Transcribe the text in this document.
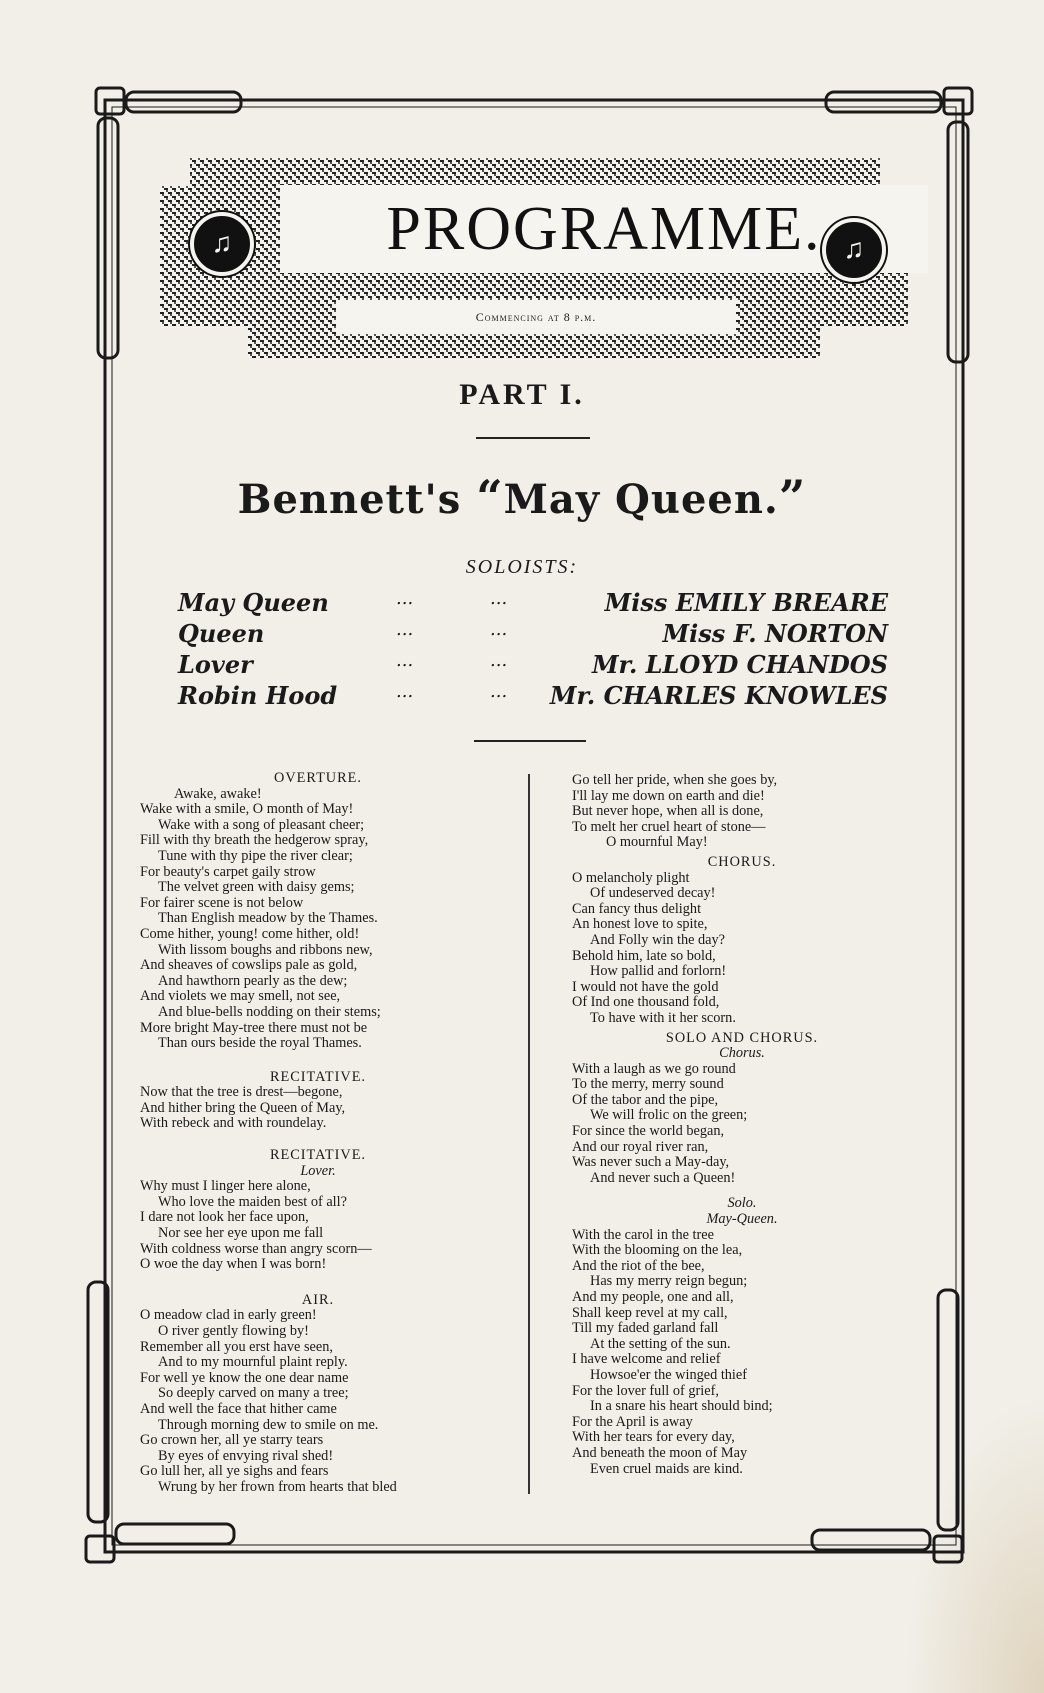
PROGRAMME.
Commencing at 8 p.m.
♫	♫
PART I.
Bennett's “May Queen.”
SOLOISTS:
May Queen	...	...	Miss EMILY BREARE
Queen	...	...	Miss F. NORTON
Lover	...	...	Mr. LLOYD CHANDOS
Robin Hood	...	... Mr. CHARLES KNOWLES
OVERTURE.
Awake, awake!
Wake with a smile, O month of May!
Wake with a song of pleasant cheer;
Fill with thy breath the hedgerow spray,
Tune with thy pipe the river clear;
For beauty's carpet gaily strow
The velvet green with daisy gems;
For fairer scene is not below
Than English meadow by the Thames.
Come hither, young! come hither, old!
With lissom boughs and ribbons new,
And sheaves of cowslips pale as gold,
And hawthorn pearly as the dew;
And violets we may smell, not see,
And blue-bells nodding on their stems;
More bright May-tree there must not be
Than ours beside the royal Thames.
RECITATIVE.
Now that the tree is drest—begone,
And hither bring the Queen of May,
With rebeck and with roundelay.
RECITATIVE.
Lover.
Why must I linger here alone,
Who love the maiden best of all?
I dare not look her face upon,
Nor see her eye upon me fall
With coldness worse than angry scorn—
O woe the day when I was born!
AIR.
O meadow clad in early green!
O river gently flowing by!
Remember all you erst have seen,
And to my mournful plaint reply.
For well ye know the one dear name
So deeply carved on many a tree;
And well the face that hither came
Through morning dew to smile on me.
Go crown her, all ye starry tears
By eyes of envying rival shed!
Go lull her, all ye sighs and fears
Wrung by her frown from hearts that bled
Go tell her pride, when she goes by,
I'll lay me down on earth and die!
But never hope, when all is done,
To melt her cruel heart of stone—
O mournful May!
CHORUS.
O melancholy plight
Of undeserved decay!
Can fancy thus delight
An honest love to spite,
And Folly win the day?
Behold him, late so bold,
How pallid and forlorn!
I would not have the gold
Of Ind one thousand fold,
To have with it her scorn.
SOLO AND CHORUS.
Chorus.
With a laugh as we go round
To the merry, merry sound
Of the tabor and the pipe,
We will frolic on the green;
For since the world began,
And our royal river ran,
Was never such a May-day,
And never such a Queen!
Solo.
May-Queen.
With the carol in the tree
With the blooming on the lea,
And the riot of the bee,
Has my merry reign begun;
And my people, one and all,
Shall keep revel at my call,
Till my faded garland fall
At the setting of the sun.
I have welcome and relief
Howsoe'er the winged thief
For the lover full of grief,
In a snare his heart should bind;
For the April is away
With her tears for every day,
And beneath the moon of May
Even cruel maids are kind.
